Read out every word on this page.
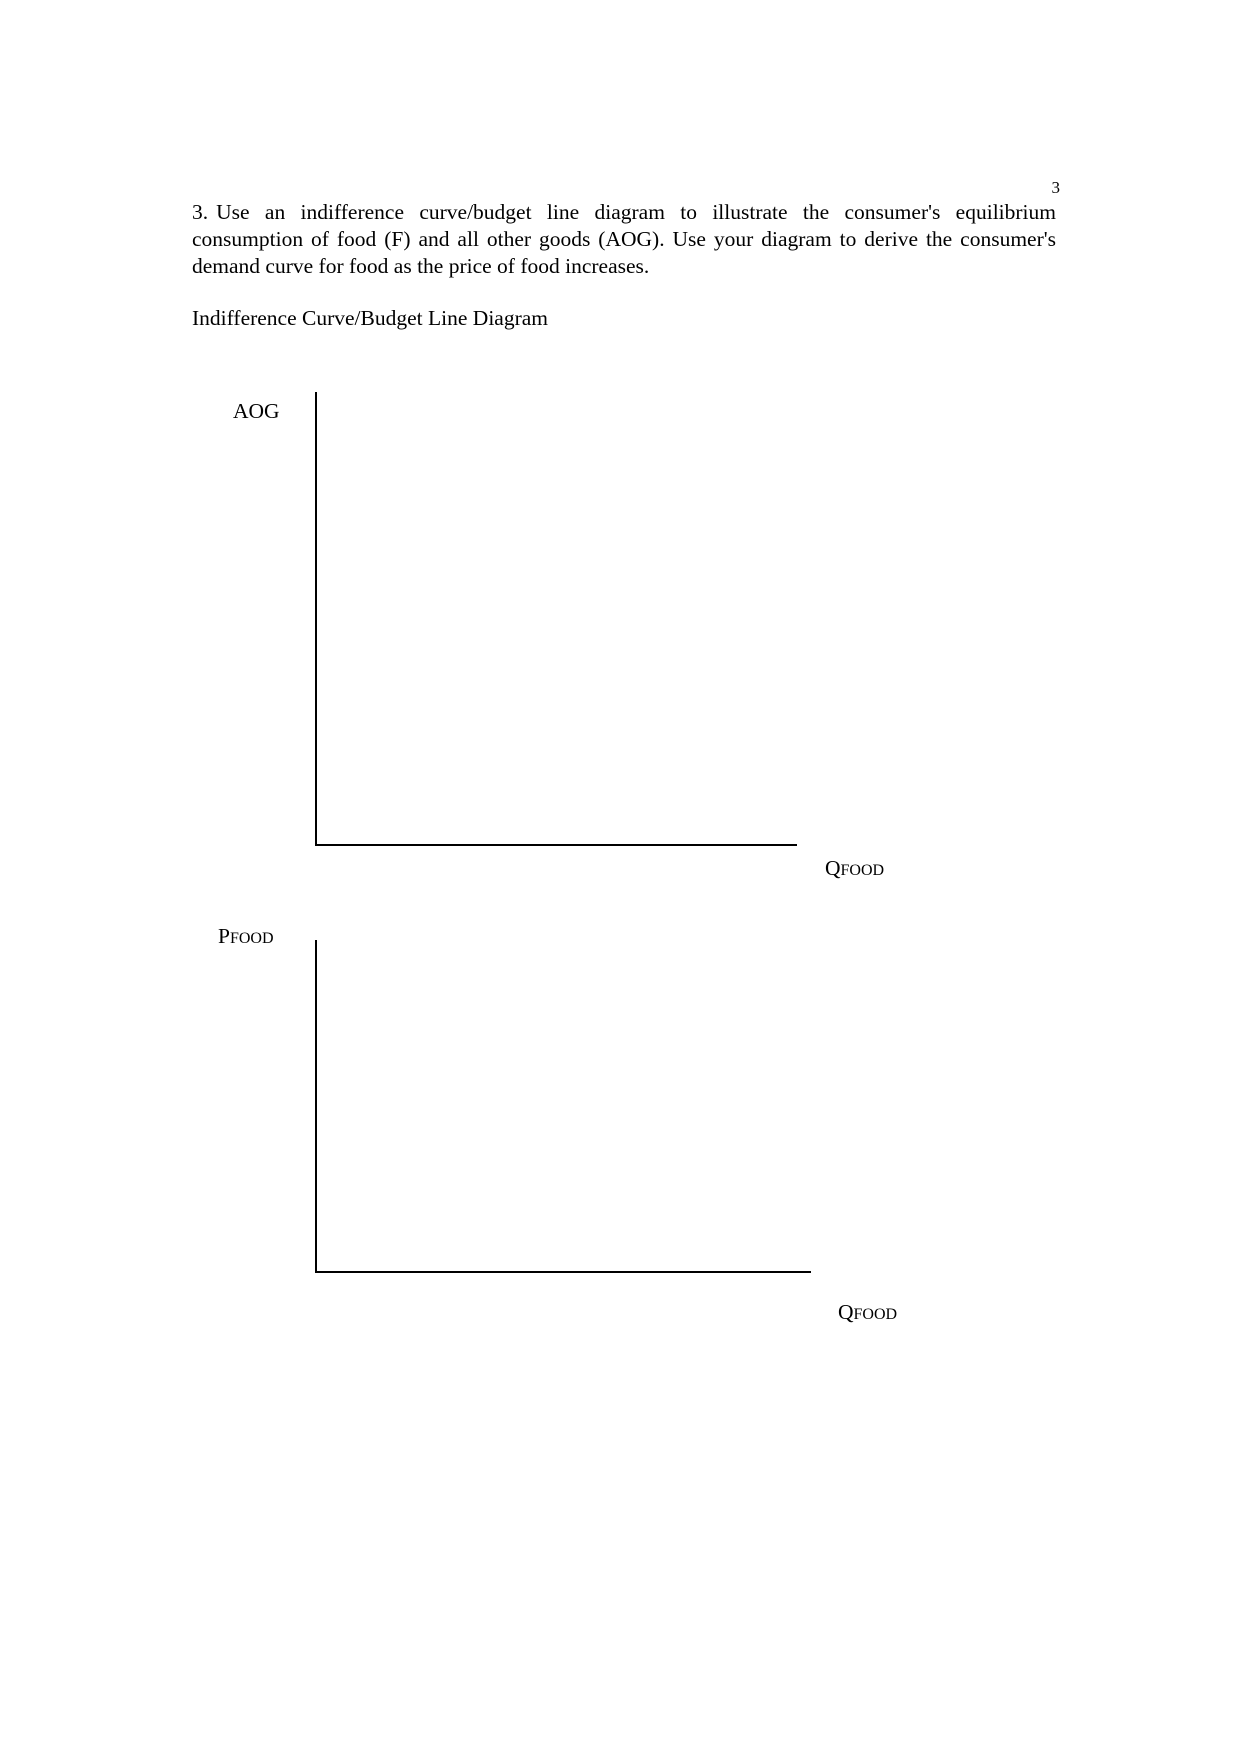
3

3. Use an indifference curve/budget line diagram to illustrate the consumer's equilibrium consumption of food (F) and all other goods (AOG). Use your diagram to derive the consumer's demand curve for food as the price of food increases.

Indifference Curve/Budget Line Diagram
AOG
QFOOD
PFOOD
QFOOD
